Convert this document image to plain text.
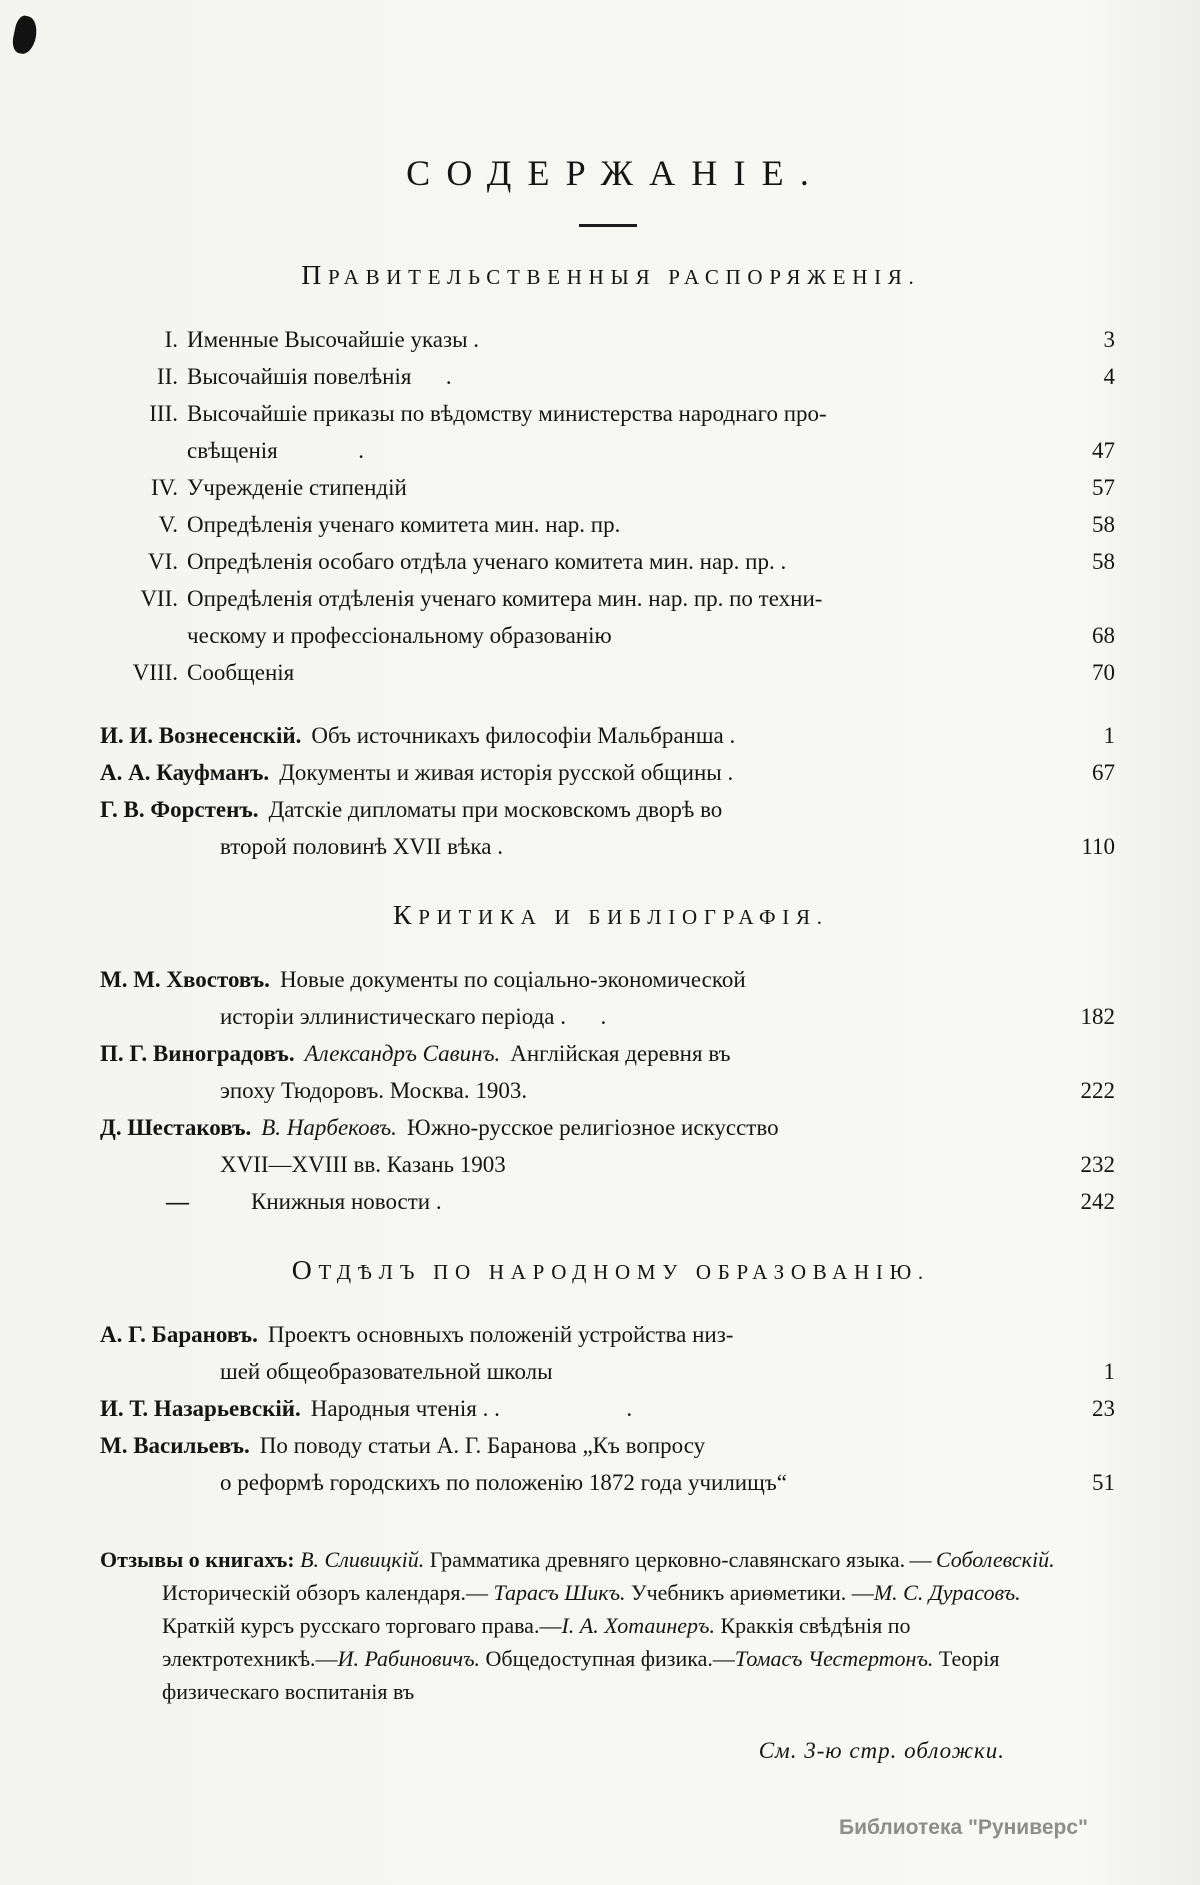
СОДЕРЖАНІЕ.
ПРАВИТЕЛЬСТВЕННЫЯ РАСПОРЯЖЕНІЯ.
I. Именные Высочайшіе указы .	3
II. Высочайшія повелѣнія  .	4
III. Высочайшіе приказы по вѣдомству министерства народнаго про-
свѣщенія    .	47
IV. Учрежденіе стипендій	57
V. Опредѣленія ученаго комитета мин. нар. пр.	58
VI. Опредѣленія особаго отдѣла ученаго комитета мин. нар. пр. .	58
VII. Опредѣленія отдѣленія ученаго комитера мин. нар. пр. по техни-
ческому и профессіональному образованію	68
VIII. Сообщенія	70
И. И. Вознесенскій. Объ источникахъ философіи Мальбранша .	1
А. А. Кауфманъ. Документы и живая исторія русской общины .	67
Г. В. Форстенъ. Датскіе дипломаты при московскомъ дворѣ во
второй половинѣ XVII вѣка .	110
КРИТИКА И БИБЛІОГРАФІЯ.
М. М. Хвостовъ. Новые документы по соціально-экономической
исторіи эллинистическаго періода .  .	182
П. Г. Виноградовъ. Александръ Савинъ. Англійская деревня въ
эпоху Тюдоровъ. Москва. 1903.	222
Д. Шестаковъ. В. Нарбековъ. Южно-русское религіозное искусство
XVII—XVIII вв. Казань 1903	232
—	Книжныя новости .	242
ОТДѢЛЪ ПО НАРОДНОМУ ОБРАЗОВАНІЮ.
А. Г. Барановъ. Проектъ основныхъ положеній устройства низ-
шей общеобразовательной школы	1
И. Т. Назарьевскій. Народныя чтенія . .      .	23
М. Васильевъ. По поводу статьи А. Г. Баранова „Къ вопросу
о реформѣ городскихъ по положенію 1872 года училищъ“	51
Отзывы о книгахъ: В. Сливицкій. Грамматика древняго церковно-славянскаго языка. — Соболевскій. Историческій обзоръ календаря.— Тарасъ Шикъ. Учебникъ ариѳметики. —М. С. Дурасовъ. Краткій курсъ русскаго торговаго права.—І. А. Хотаинеръ. Краккія свѣдѣнія по электротехникѣ.—И. Рабиновичъ. Общедоступная физика.—Томасъ Честертонъ. Теорія физическаго воспитанія въ
См. 3-ю стр. обложки.
Библиотека "Руниверс"
